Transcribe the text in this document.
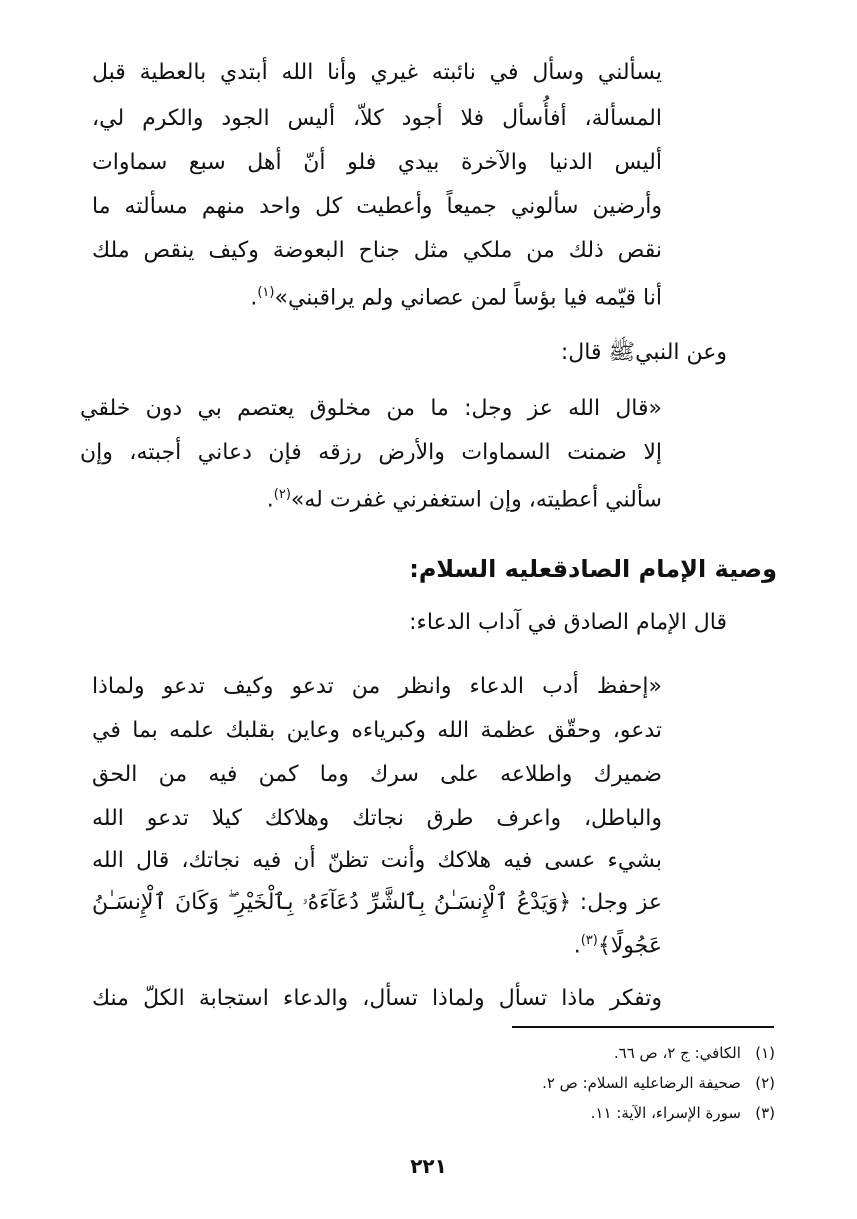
يسألني وسأل في نائبته غيري وأنا الله أبتدي بالعطية قبل
المسألة، أفأُسأل فلا أجود كلاّ، أليس الجود والكرم لي،
أليس الدنيا والآخرة بيدي فلو أنّ أهل سبع سماوات
وأرضين سألوني جميعاً وأعطيت كل واحد منهم مسألته ما
نقص ذلك من ملكي مثل جناح البعوضة وكيف ينقص ملك
أنا قيّمه فيا بؤساً لمن عصاني ولم يراقبني»$^{(١)}$.
وعن النبيﷺ قال:
«قال الله عز وجل: ما من مخلوق يعتصم بي دون خلقي
إلا ضمنت السماوات والأرض رزقه فإن دعاني أجبته، وإن
سألني أعطيته، وإن استغفرني غفرت له»$^{(٢)}$.
وصية الإمام الصادقعليه السلام:
قال الإمام الصادق في آداب الدعاء:
«إحفظ أدب الدعاء وانظر من تدعو وكيف تدعو ولماذا
تدعو، وحقّق عظمة الله وكبرياءه وعاين بقلبك علمه بما في
ضميرك واطلاعه على سرك وما كمن فيه من الحق
والباطل، واعرف طرق نجاتك وهلاكك كيلا تدعو الله
بشيء عسى فيه هلاكك وأنت تظنّ أن فيه نجاتك، قال الله
عز وجل: ﴿وَيَدْعُ ٱلْإِنسَـٰنُ بِٱلشَّرِّ دُعَآءَهُۥ بِٱلْخَيْرِ ۖ وَكَانَ ٱلْإِنسَـٰنُ
عَجُولًا﴾$^{(٣)}$.
وتفكر ماذا تسأل ولماذا تسأل، والدعاء استجابة الكلّ منك
(١)   الكافي: ج ٢، ص ٦٦.
(٢)   صحيفة الرضاعليه السلام: ص ٢.
(٣)   سورة الإسراء، الآية: ١١.
٢٢١
